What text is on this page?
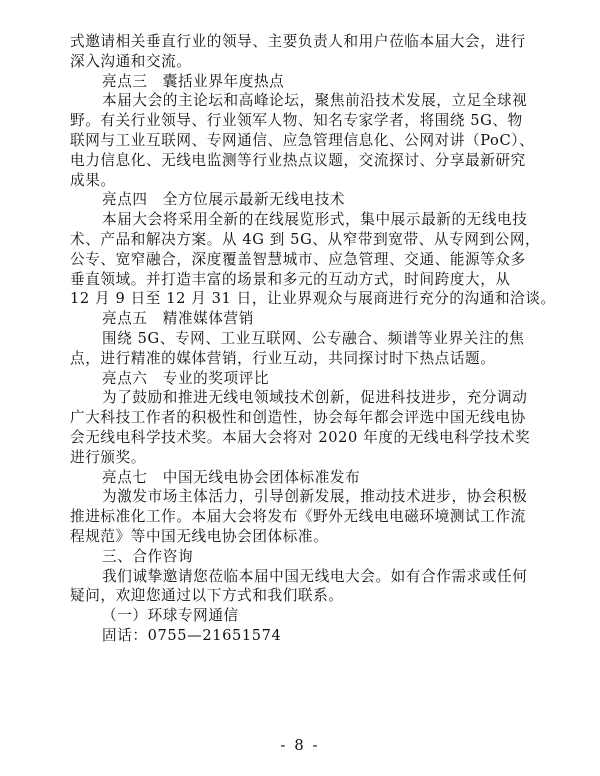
式邀请相关垂直行业的领导、主要负责人和用户莅临本届大会，进行
深入沟通和交流。
亮点三　囊括业界年度热点
本届大会的主论坛和高峰论坛，聚焦前沿技术发展，立足全球视
野。有关行业领导、行业领军人物、知名专家学者，将围绕 5G、物
联网与工业互联网、专网通信、应急管理信息化、公网对讲（PoC）、
电力信息化、无线电监测等行业热点议题，交流探讨、分享最新研究
成果。
亮点四　全方位展示最新无线电技术
本届大会将采用全新的在线展览形式，集中展示最新的无线电技
术、产品和解决方案。从 4G 到 5G、从窄带到宽带、从专网到公网，
公专、宽窄融合，深度覆盖智慧城市、应急管理、交通、能源等众多
垂直领域。并打造丰富的场景和多元的互动方式，时间跨度大，从
12 月 9 日至 12 月 31 日，让业界观众与展商进行充分的沟通和洽谈。
亮点五　精准媒体营销
围绕 5G、专网、工业互联网、公专融合、频谱等业界关注的焦
点，进行精准的媒体营销，行业互动，共同探讨时下热点话题。
亮点六　专业的奖项评比
为了鼓励和推进无线电领域技术创新，促进科技进步，充分调动
广大科技工作者的积极性和创造性，协会每年都会评选中国无线电协
会无线电科学技术奖。本届大会将对 2020 年度的无线电科学技术奖
进行颁奖。
亮点七　中国无线电协会团体标准发布
为激发市场主体活力，引导创新发展，推动技术进步，协会积极
推进标准化工作。本届大会将发布《野外无线电电磁环境测试工作流
程规范》等中国无线电协会团体标准。
三、合作咨询
我们诚挚邀请您莅临本届中国无线电大会。如有合作需求或任何
疑问，欢迎您通过以下方式和我们联系。
（一）环球专网通信
固话：0755—21651574
- 8 -
